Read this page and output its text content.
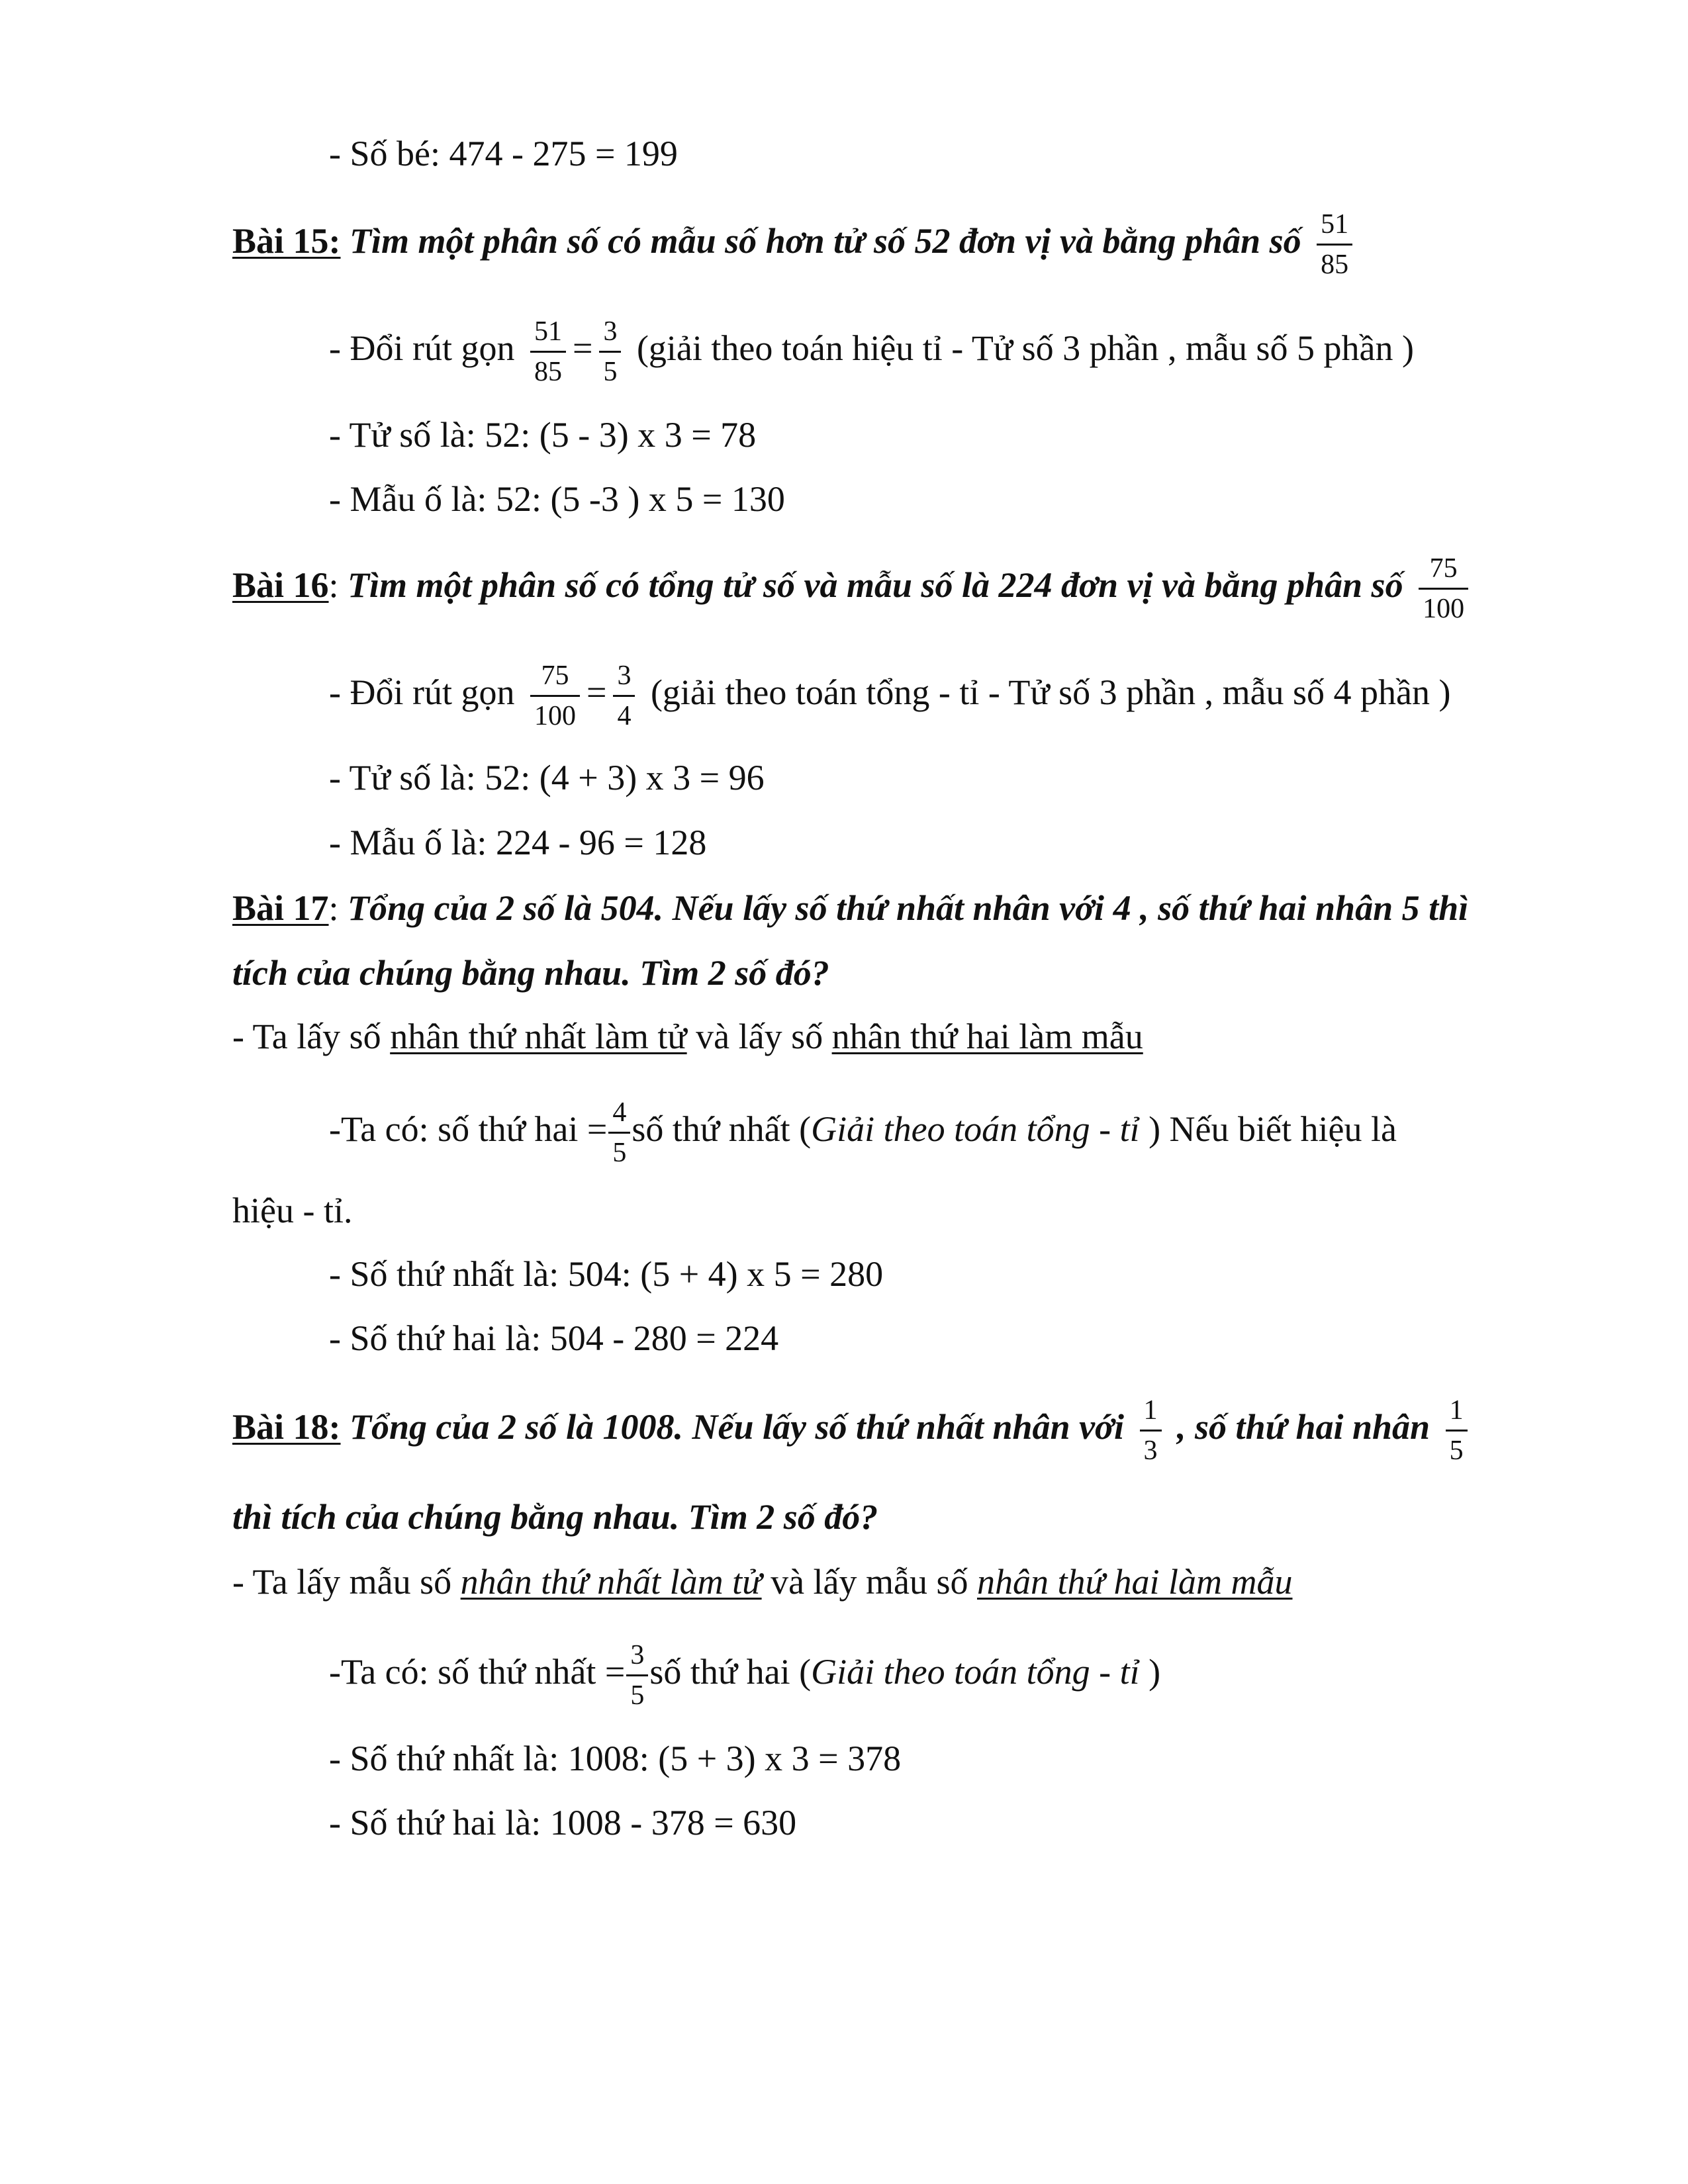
- Số bé: 474 - 275 = 199
Bài 15: Tìm một phân số có mẫu số hơn tử số 52 đơn vị và bằng phân số $\frac{51}{85}$
- Đổi rút gọn $\frac{51}{85} = \frac{3}{5}$ (giải theo toán hiệu tỉ - Tử số 3 phần , mẫu số 5 phần )
- Tử số là: 52: (5 - 3) x 3 = 78
- Mẫu ố là: 52: (5 -3 ) x 5 = 130
Bài 16: Tìm một phân số có tổng tử số và mẫu số là 224 đơn vị và bằng phân số $\frac{75}{100}$
- Đổi rút gọn $\frac{75}{100} = \frac{3}{4}$ (giải theo toán tổng - tỉ - Tử số 3 phần , mẫu số 4 phần )
- Tử số là: 52: (4 + 3) x 3 = 96
- Mẫu ố là: 224 - 96 = 128
Bài 17: Tổng của 2 số là 504. Nếu lấy số thứ nhất nhân với 4 , số thứ hai nhân 5 thì
tích của chúng bằng nhau. Tìm 2 số đó?
- Ta lấy số nhân thứ nhất làm tử và lấy số nhân thứ hai làm mẫu
-Ta có: số thứ hai = $\frac{4}{5}$ số thứ nhất (Giải theo toán tổng - tỉ ) Nếu biết hiệu là
hiệu - tỉ.
- Số thứ nhất là: 504: (5 + 4) x 5 = 280
- Số thứ hai là: 504 - 280 = 224
Bài 18: Tổng của 2 số là 1008. Nếu lấy số thứ nhất nhân với $\frac{1}{3}$ , số thứ hai nhân $\frac{1}{5}$
thì tích của chúng bằng nhau. Tìm 2 số đó?
- Ta lấy mẫu số nhân thứ nhất làm tử và lấy mẫu số nhân thứ hai làm mẫu
-Ta có: số thứ nhất = $\frac{3}{5}$ số thứ hai (Giải theo toán tổng - tỉ )
- Số thứ nhất là: 1008: (5 + 3) x 3 = 378
- Số thứ hai là: 1008 - 378 = 630
